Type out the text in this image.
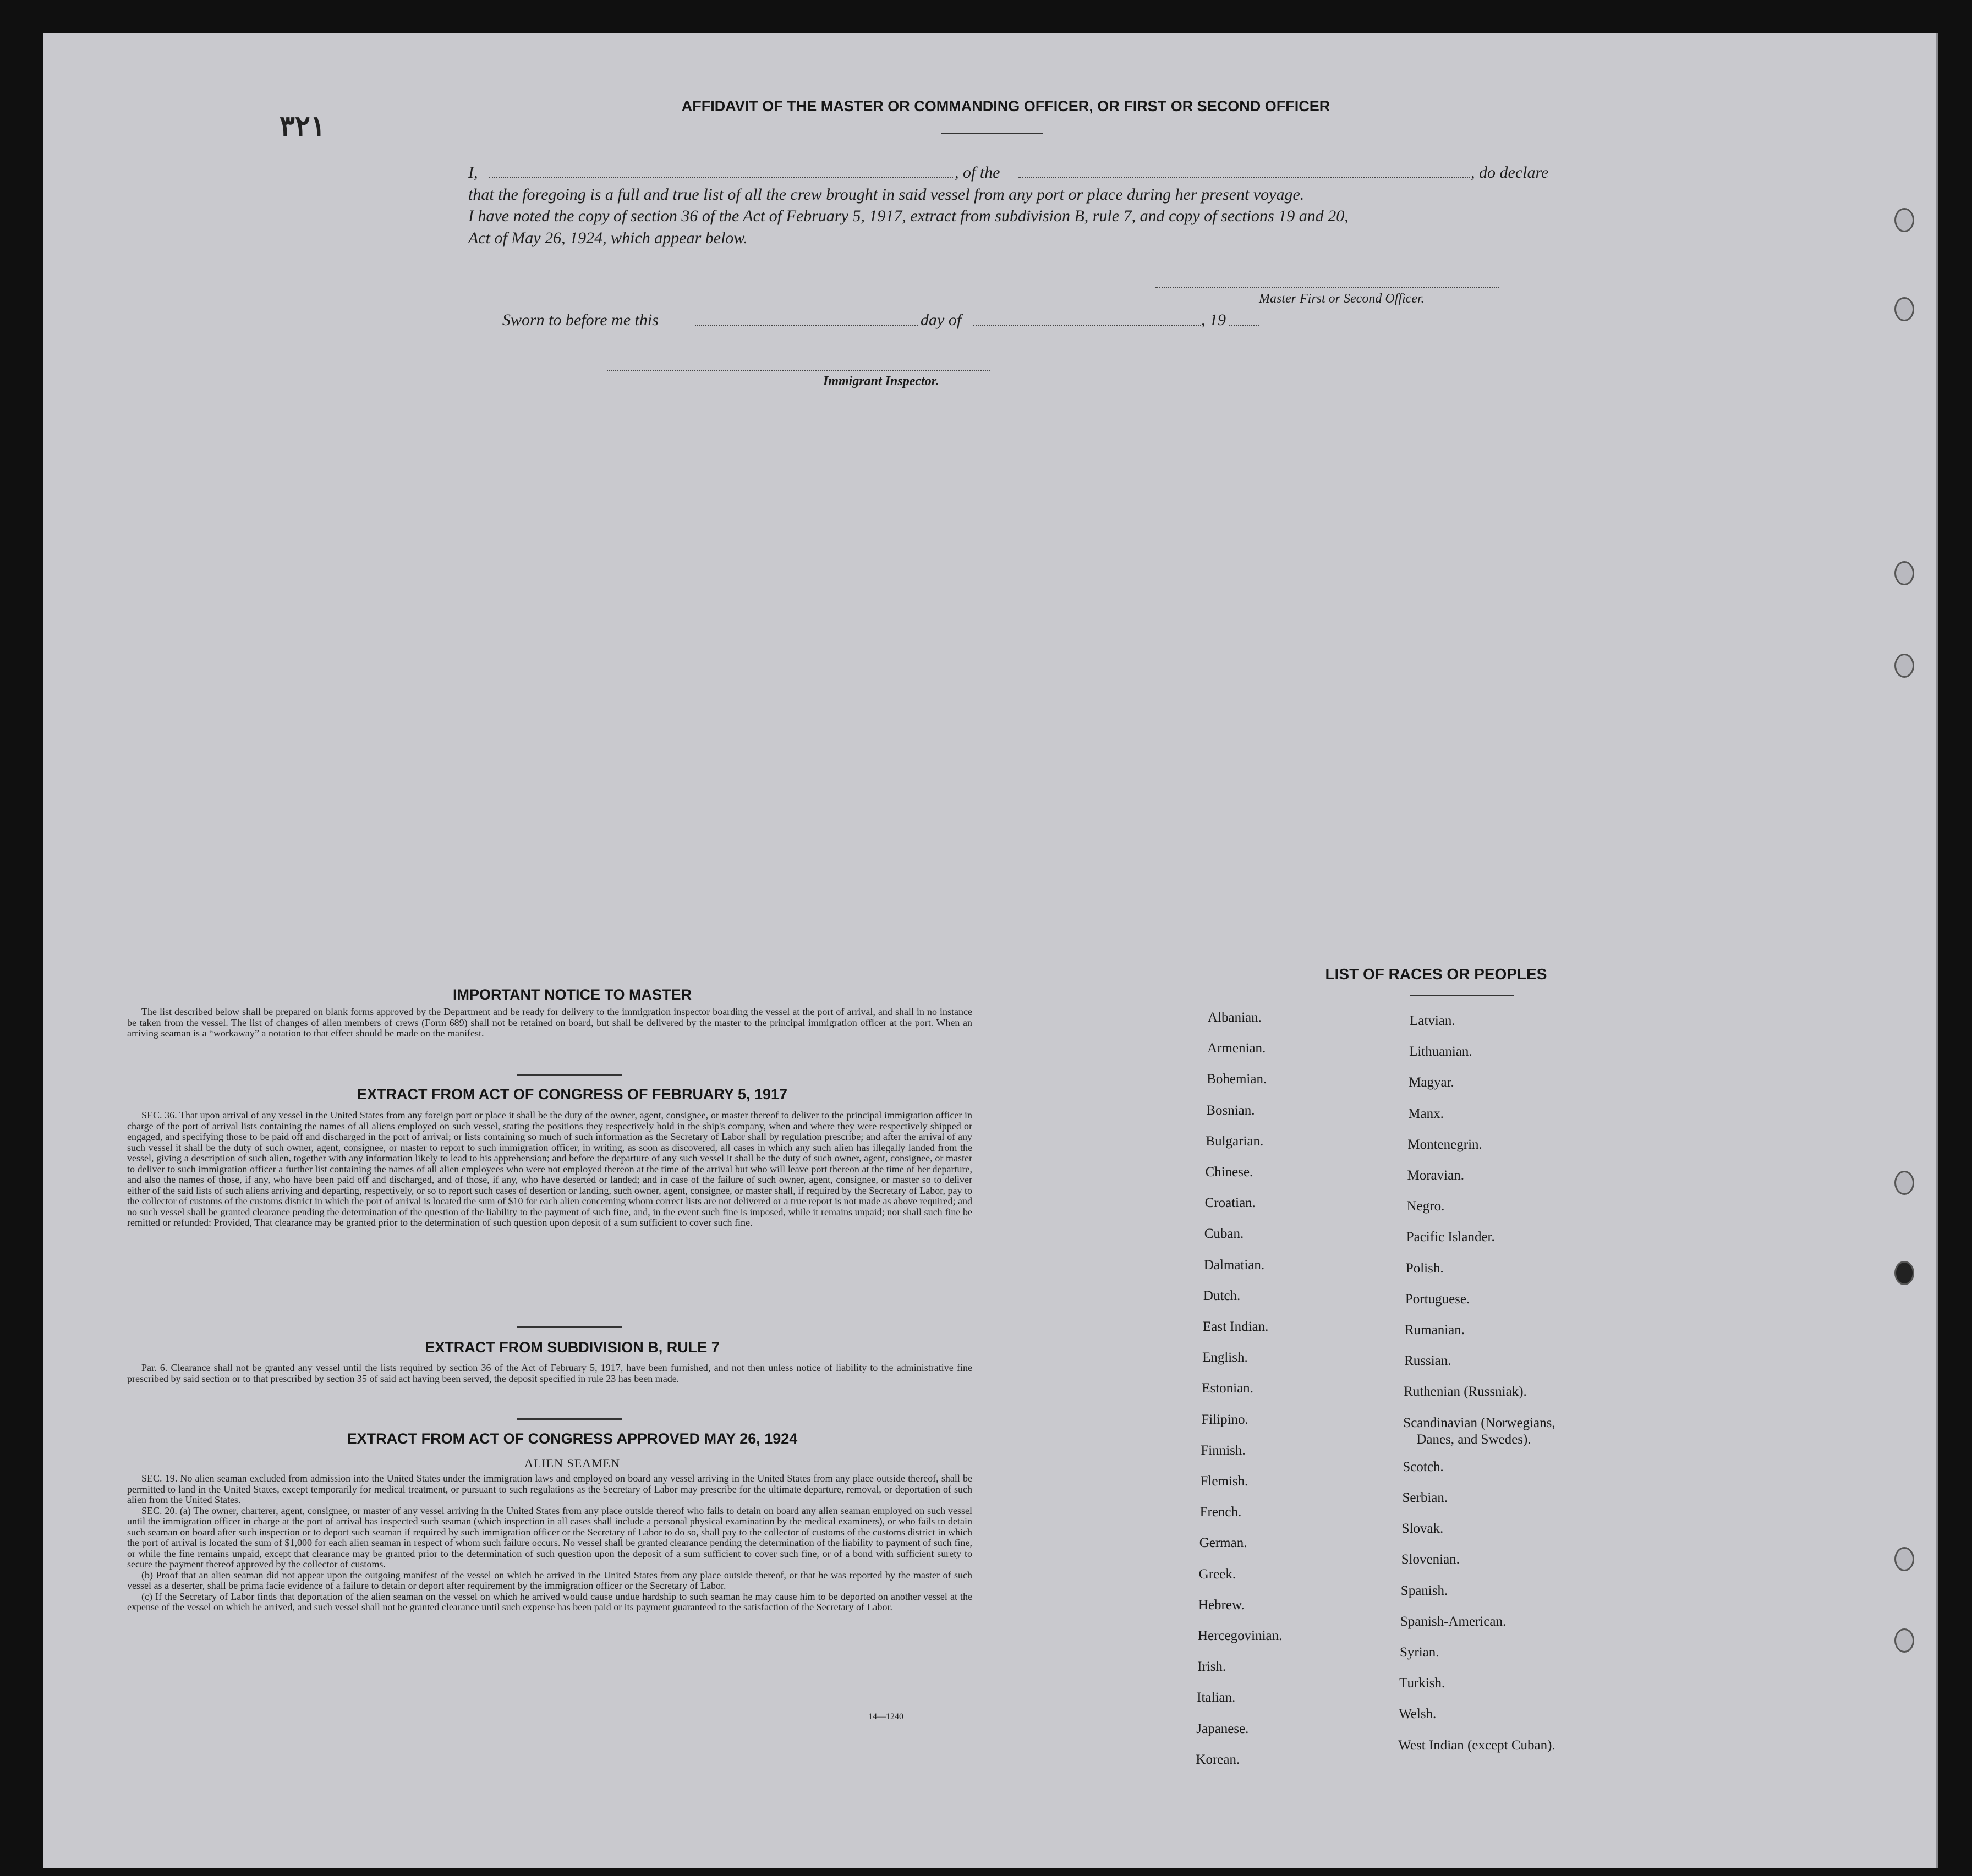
٣٢١
AFFIDAVIT OF THE MASTER OR COMMANDING OFFICER, OR FIRST OR SECOND OFFICER
I,	, of the	, do declare
that the foregoing is a full and true list of all the crew brought in said vessel from any port or place during her present voyage.
I have noted the copy of section 36 of the Act of February 5, 1917, extract from subdivision B, rule 7, and copy of sections 19 and 20,
Act of May 26, 1924, which appear below.
Master First or Second Officer.
Sworn to before me this	day of	, 19
Immigrant Inspector.
IMPORTANT NOTICE TO MASTER

The list described below shall be prepared on blank forms approved by the Department and be ready for delivery to the immigration inspector boarding the vessel at the port of arrival, and shall in no instance be taken from the vessel. The list of changes of alien members of crews (Form 689) shall not be retained on board, but shall be delivered by the master to the principal immigration officer at the port. When an arriving seaman is a “workaway” a notation to that effect should be made on the manifest.

EXTRACT FROM ACT OF CONGRESS OF FEBRUARY 5, 1917

SEC. 36. That upon arrival of any vessel in the United States from any foreign port or place it shall be the duty of the owner, agent, consignee, or master thereof to deliver to the principal immigration officer in charge of the port of arrival lists containing the names of all aliens employed on such vessel, stating the positions they respectively hold in the ship's company, when and where they were respectively shipped or engaged, and specifying those to be paid off and discharged in the port of arrival; or lists containing so much of such information as the Secretary of Labor shall by regulation prescribe; and after the arrival of any such vessel it shall be the duty of such owner, agent, consignee, or master to report to such immigration officer, in writing, as soon as discovered, all cases in which any such alien has illegally landed from the vessel, giving a description of such alien, together with any information likely to lead to his apprehension; and before the departure of any such vessel it shall be the duty of such owner, agent, consignee, or master to deliver to such immigration officer a further list containing the names of all alien employees who were not employed thereon at the time of the arrival but who will leave port thereon at the time of her departure, and also the names of those, if any, who have been paid off and discharged, and of those, if any, who have deserted or landed; and in case of the failure of such owner, agent, consignee, or master so to deliver either of the said lists of such aliens arriving and departing, respectively, or so to report such cases of desertion or landing, such owner, agent, consignee, or master shall, if required by the Secretary of Labor, pay to the collector of customs of the customs district in which the port of arrival is located the sum of $10 for each alien concerning whom correct lists are not delivered or a true report is not made as above required; and no such vessel shall be granted clearance pending the determination of the question of the liability to the payment of such fine, and, in the event such fine is imposed, while it remains unpaid; nor shall such fine be remitted or refunded: Provided, That clearance may be granted prior to the determination of such question upon deposit of a sum sufficient to cover such fine.

EXTRACT FROM SUBDIVISION B, RULE 7

Par. 6. Clearance shall not be granted any vessel until the lists required by section 36 of the Act of February 5, 1917, have been furnished, and not then unless notice of liability to the administrative fine prescribed by said section or to that prescribed by section 35 of said act having been served, the deposit specified in rule 23 has been made.

EXTRACT FROM ACT OF CONGRESS APPROVED MAY 26, 1924
ALIEN SEAMEN

SEC. 19. No alien seaman excluded from admission into the United States under the immigration laws and employed on board any vessel arriving in the United States from any place outside thereof, shall be permitted to land in the United States, except temporarily for medical treatment, or pursuant to such regulations as the Secretary of Labor may prescribe for the ultimate departure, removal, or deportation of such alien from the United States.

SEC. 20. (a) The owner, charterer, agent, consignee, or master of any vessel arriving in the United States from any place outside thereof who fails to detain on board any alien seaman employed on such vessel until the immigration officer in charge at the port of arrival has inspected such seaman (which inspection in all cases shall include a personal physical examination by the medical examiners), or who fails to detain such seaman on board after such inspection or to deport such seaman if required by such immigration officer or the Secretary of Labor to do so, shall pay to the collector of customs of the customs district in which the port of arrival is located the sum of $1,000 for each alien seaman in respect of whom such failure occurs. No vessel shall be granted clearance pending the determination of the liability to payment of such fine, or while the fine remains unpaid, except that clearance may be granted prior to the determination of such question upon the deposit of a sum sufficient to cover such fine, or of a bond with sufficient surety to secure the payment thereof approved by the collector of customs.

(b) Proof that an alien seaman did not appear upon the outgoing manifest of the vessel on which he arrived in the United States from any place outside thereof, or that he was reported by the master of such vessel as a deserter, shall be prima facie evidence of a failure to detain or deport after requirement by the immigration officer or the Secretary of Labor.

(c) If the Secretary of Labor finds that deportation of the alien seaman on the vessel on which he arrived would cause undue hardship to such seaman he may cause him to be deported on another vessel at the expense of the vessel on which he arrived, and such vessel shall not be granted clearance until such expense has been paid or its payment guaranteed to the satisfaction of the Secretary of Labor.

14—1240
LIST OF RACES OR PEOPLES
Albanian.
Armenian.
Bohemian.
Bosnian.
Bulgarian.
Chinese.
Croatian.
Cuban.
Dalmatian.
Dutch.
East Indian.
English.
Estonian.
Filipino.
Finnish.
Flemish.
French.
German.
Greek.
Hebrew.
Hercegovinian.
Irish.
Italian.
Japanese.
Korean.
Latvian.
Lithuanian.
Magyar.
Manx.
Montenegrin.
Moravian.
Negro.
Pacific Islander.
Polish.
Portuguese.
Rumanian.
Russian.
Ruthenian (Russniak).
Scandinavian (Norwegians,
Danes, and Swedes).
Scotch.
Serbian.
Slovak.
Slovenian.
Spanish.
Spanish-American.
Syrian.
Turkish.
Welsh.
West Indian (except Cuban).
